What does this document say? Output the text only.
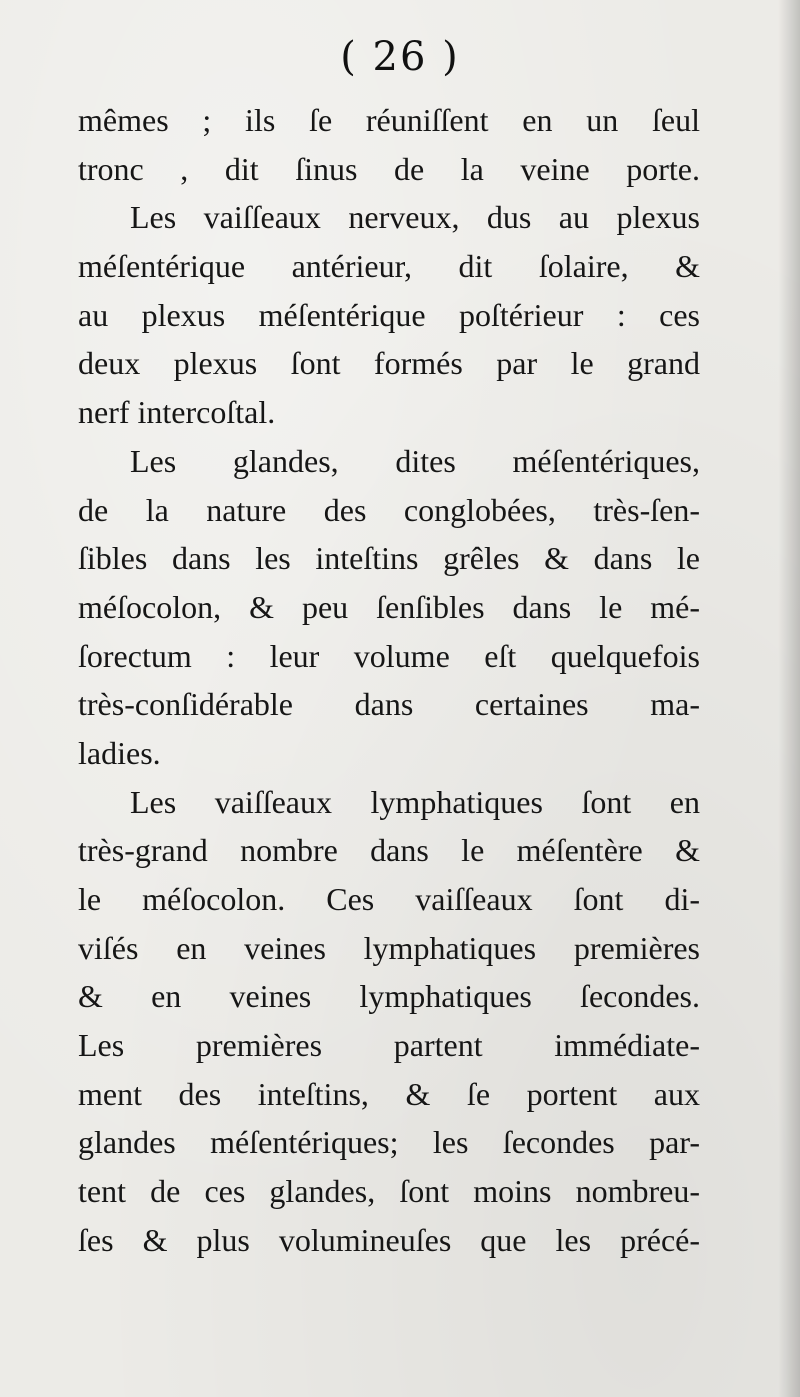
( 26 )
mêmes ; ils ſe réuniſſent en un ſeul
tronc , dit ſinus de la veine porte.
Les vaiſſeaux nerveux, dus au plexus
méſentérique antérieur, dit ſolaire, &
au plexus méſentérique poſtérieur : ces
deux plexus ſont formés par le grand
nerf intercoſtal.
Les glandes, dites méſentériques,
de la nature des conglobées, très-ſen-
ſibles dans les inteſtins grêles & dans le
méſocolon, & peu ſenſibles dans le mé-
ſorectum : leur volume eſt quelquefois
très-conſidérable dans certaines ma-
ladies.
Les vaiſſeaux lymphatiques ſont en
très-grand nombre dans le méſentère &
le méſocolon. Ces vaiſſeaux ſont di-
viſés en veines lymphatiques premières
& en veines lymphatiques ſecondes.
Les premières partent immédiate-
ment des inteſtins, & ſe portent aux
glandes méſentériques; les ſecondes par-
tent de ces glandes, ſont moins nombreu-
ſes & plus volumineuſes que les précé-
